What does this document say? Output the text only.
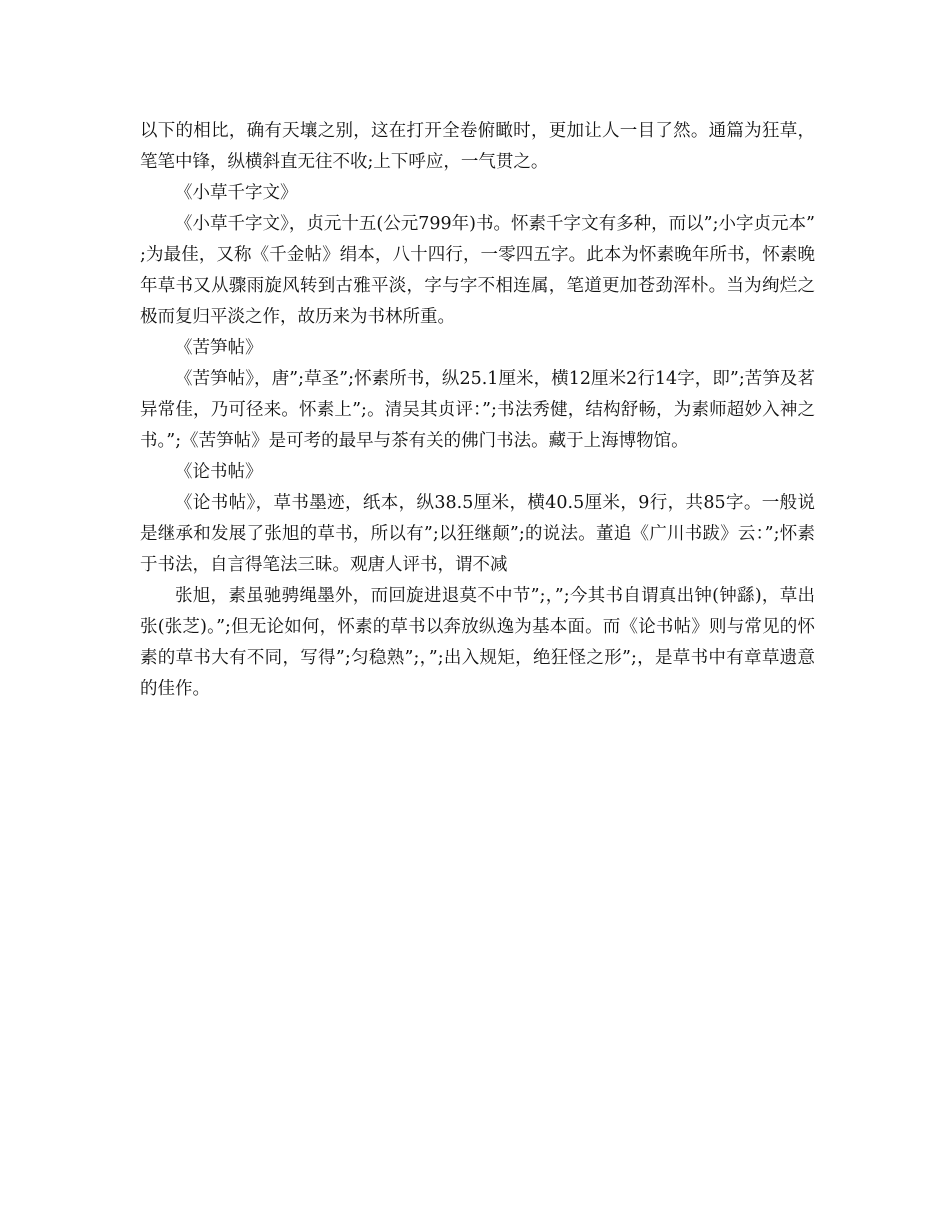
以下的相比，确有天壤之别，这在打开全卷俯瞰时，更加让人一目了然。通篇为狂草，笔笔中锋，纵横斜直无往不收;上下呼应，一气贯之。

《小草千字文》

《小草千字文》，贞元十五(公元799年)书。怀素千字文有多种，而以”;小字贞元本”;为最佳，又称《千金帖》绢本，八十四行，一零四五字。此本为怀素晚年所书，怀素晚年草书又从骤雨旋风转到古雅平淡，字与字不相连属，笔道更加苍劲浑朴。当为绚烂之极而复归平淡之作，故历来为书林所重。

《苦笋帖》

《苦笋帖》，唐”;草圣”;怀素所书，纵25.1厘米，横12厘米2行14字，即”;苦笋及茗异常佳，乃可径来。怀素上”;。清吴其贞评：”;书法秀健，结构舒畅，为素师超妙入神之书。”;《苦笋帖》是可考的最早与茶有关的佛门书法。藏于上海博物馆。

《论书帖》

《论书帖》，草书墨迹，纸本，纵38.5厘米，横40.5厘米，9行，共85字。一般说是继承和发展了张旭的草书，所以有”;以狂继颠”;的说法。董追《广川书跋》云：”;怀素于书法，自言得笔法三昧。观唐人评书，谓不减

张旭，素虽驰骋绳墨外，而回旋进退莫不中节”;，”;今其书自谓真出钟(钟繇)，草出张(张芝)。”;但无论如何，怀素的草书以奔放纵逸为基本面。而《论书帖》则与常见的怀素的草书大有不同，写得”;匀稳熟”;，”;出入规矩，绝狂怪之形”;，是草书中有章草遗意的佳作。
